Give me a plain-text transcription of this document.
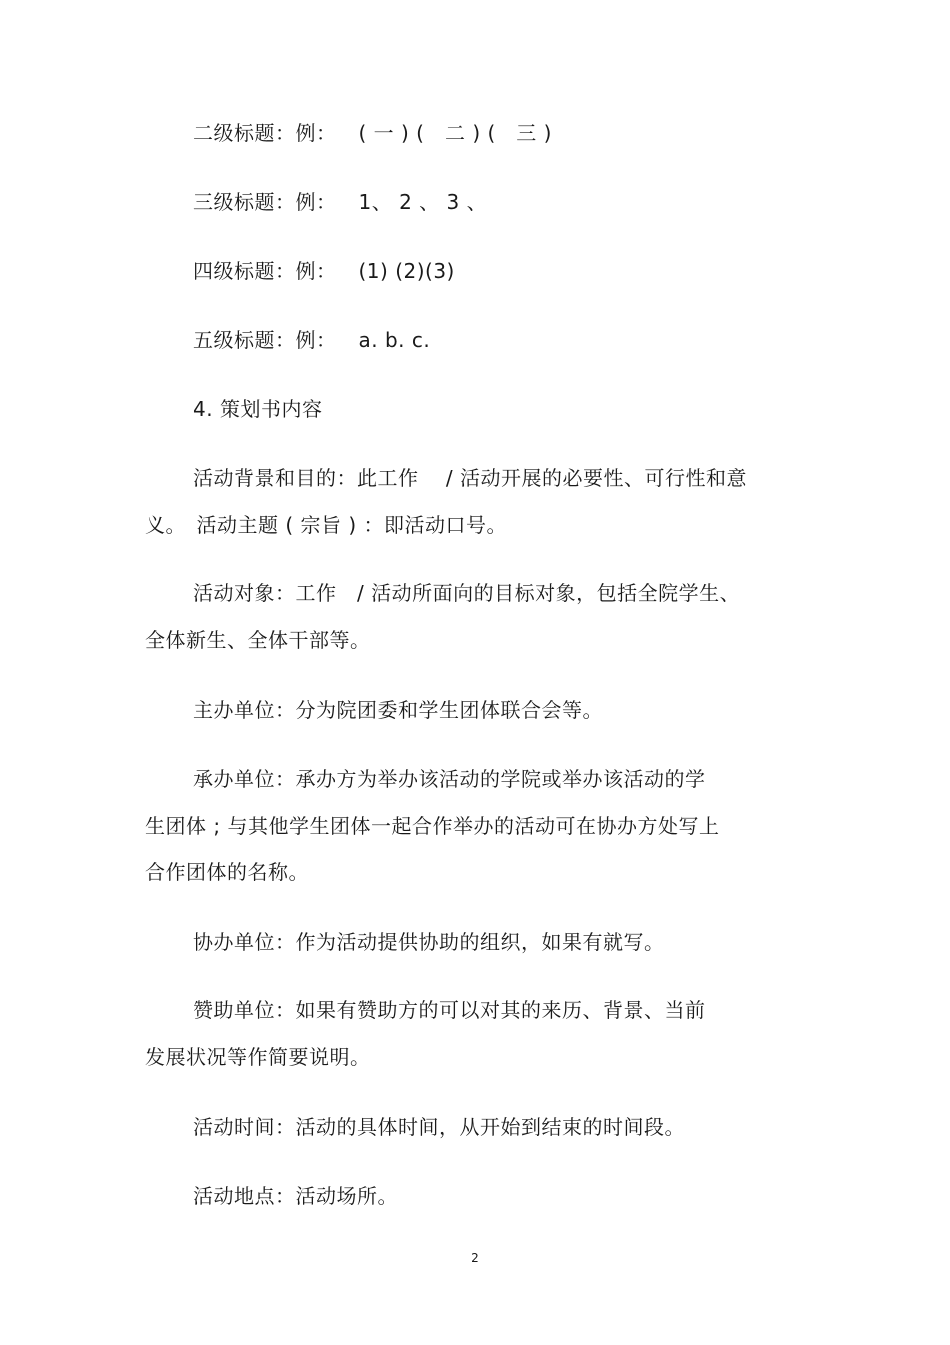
二级标题：例： ( 一 ) (　二 ) (　三 )
三级标题：例： 1、 2 、 3 、
四级标题：例： (1) (2)(3)
五级标题：例： a. b. c.
4. 策划书内容
活动背景和目的：此工作　 / 活动开展的必要性、可行性和意
义。　活动主题 ( 宗旨 ) ：即活动口号。
活动对象：工作　/ 活动所面向的目标对象，包括全院学生、
全体新生、全体干部等。
主办单位：分为院团委和学生团体联合会等。
承办单位：承办方为举办该活动的学院或举办该活动的学
生团体 ; 与其他学生团体一起合作举办的活动可在协办方处写上
合作团体的名称。
协办单位：作为活动提供协助的组织，如果有就写。
赞助单位：如果有赞助方的可以对其的来历、背景、当前
发展状况等作简要说明。
活动时间：活动的具体时间，从开始到结束的时间段。
活动地点：活动场所。
2
